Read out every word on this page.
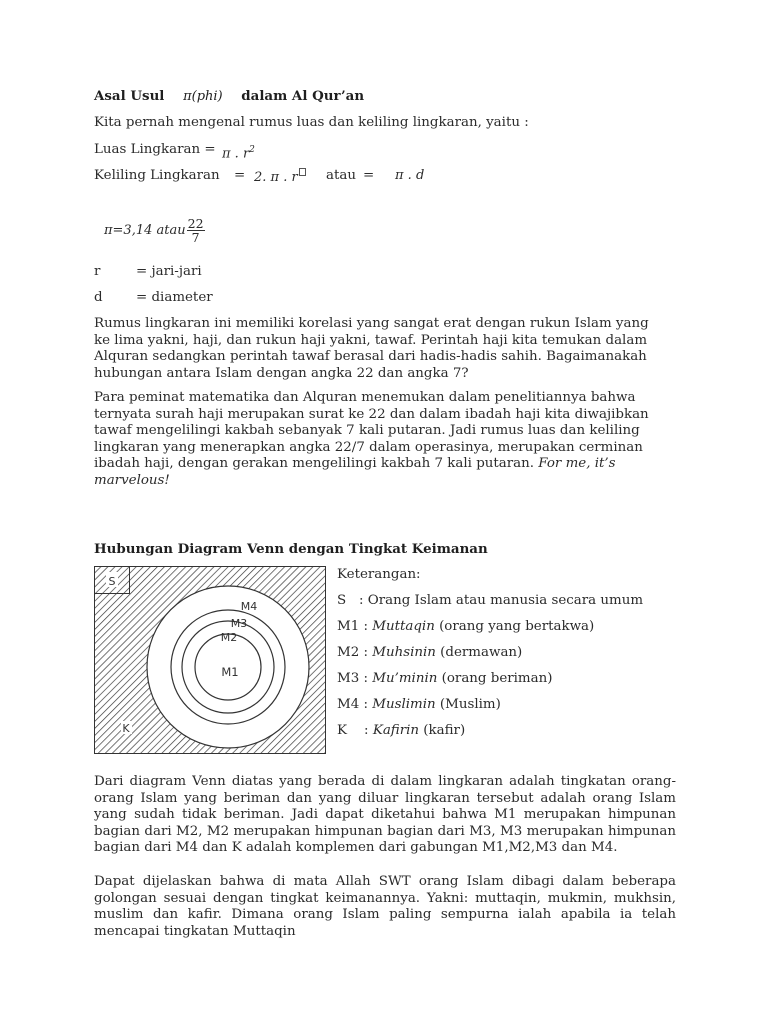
Asal Usul π(phi) dalam Al Qur’an
Kita pernah mengenal rumus luas dan keliling lingkaran, yaitu :
Luas Lingkaran = π . $r^2$
Keliling Lingkaran = 2. π . r	atau = π . d
π=3,14 atau $\frac{22}{7}$
r	= jari-jari
d = diameter

Rumus lingkaran ini memiliki korelasi yang sangat erat dengan rukun Islam yang ke lima yakni, haji, dan rukun haji yakni, tawaf. Perintah haji kita temukan dalam Alquran sedangkan perintah tawaf berasal dari hadis-hadis sahih. Bagaimanakah hubungan antara Islam dengan angka 22 dan angka 7?

Para peminat matematika dan Alquran menemukan dalam penelitiannya bahwa ternyata surah haji merupakan surat ke 22 dan dalam ibadah haji kita diwajibkan tawaf mengelilingi kakbah sebanyak 7 kali putaran. Jadi rumus luas dan keliling lingkaran yang menerapkan angka 22/7 dalam operasinya, merupakan cerminan ibadah haji, dengan gerakan mengelilingi kakbah 7 kali putaran. For me, it’s marvelous!

Hubungan Diagram Venn dengan Tingkat Keimanan
S
M4
M3
M2
M1
K
Keterangan:
S   : Orang Islam atau manusia secara umum
M1 : Muttaqin (orang yang bertakwa)
M2 : Muhsinin (dermawan)
M3 : Mu’minin (orang beriman)
M4 : Muslimin (Muslim)
K    : Kafirin (kafir)

Dari diagram Venn diatas yang berada di dalam lingkaran adalah tingkatan orang-orang Islam yang beriman dan yang diluar lingkaran tersebut adalah orang Islam yang sudah tidak beriman. Jadi dapat diketahui bahwa M1 merupakan himpunan bagian dari M2, M2 merupakan himpunan bagian dari M3, M3 merupakan himpunan bagian dari M4 dan K adalah komplemen dari gabungan M1,M2,M3 dan M4.

Dapat dijelaskan bahwa di mata Allah SWT orang Islam dibagi dalam beberapa golongan sesuai dengan tingkat keimanannya. Yakni: muttaqin, mukmin, mukhsin, muslim dan kafir. Dimana orang Islam paling sempurna ialah apabila ia telah mencapai tingkatan Muttaqin
